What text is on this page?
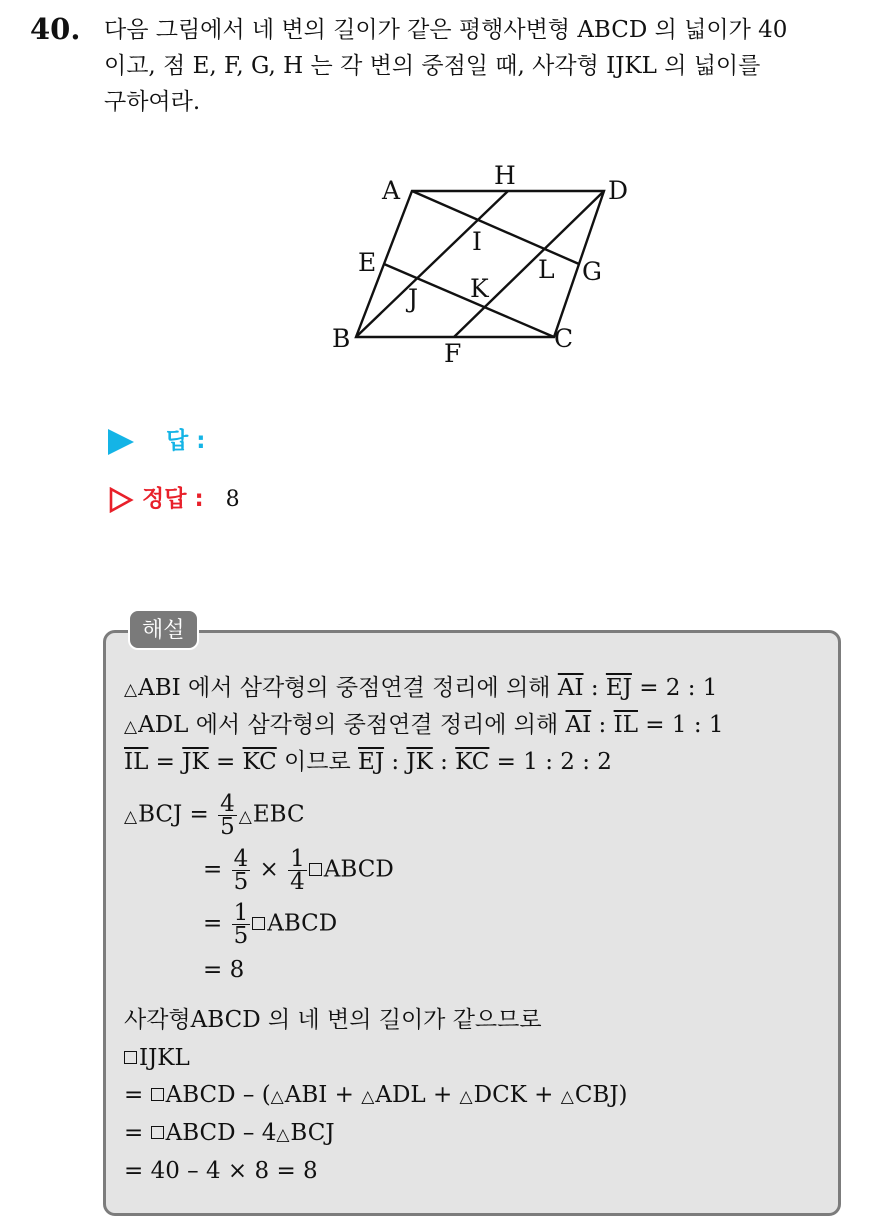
40. 다음 그림에서 네 변의 길이가 같은 평행사변형 ABCD 의 넓이가 40
이고, 점 E, F, G, H 는 각 변의 중점일 때, 사각형 IJKL 의 넓이를
구하여라.
A
H
D
I
E	L G
K
J
B	C
F
답 :
정답 : 8
해설
△ABI 에서 삼각형의 중점연결 정리에 의해 $\overline{AI}$ : $\overline{EJ} = 2$ : 1
△ADL 에서 삼각형의 중점연결 정리에 의해 $\overline{AI}$ : $\overline{IL} = 1$ : 1
$\overline{IL} = \overline{JK} = \overline{KC}$ 이므로 $\overline{EJ}$ : $\overline{JK}$ : $\overline{KC} = 1$ : 2 : 2
△BCJ = $\frac{4}{5}$ △EBC
= $\frac{4}{5} \times \frac{1}{4}$ ABCD
= $\frac{1}{5}$ ABCD
= 8
사각형ABCD 의 네 변의 길이가 같으므로
IJKL
= ABCD – (△ABI + △ADL + △DCK + △CBJ)
= ABCD – 4△BCJ
= 40 – 4 × 8 = 8
